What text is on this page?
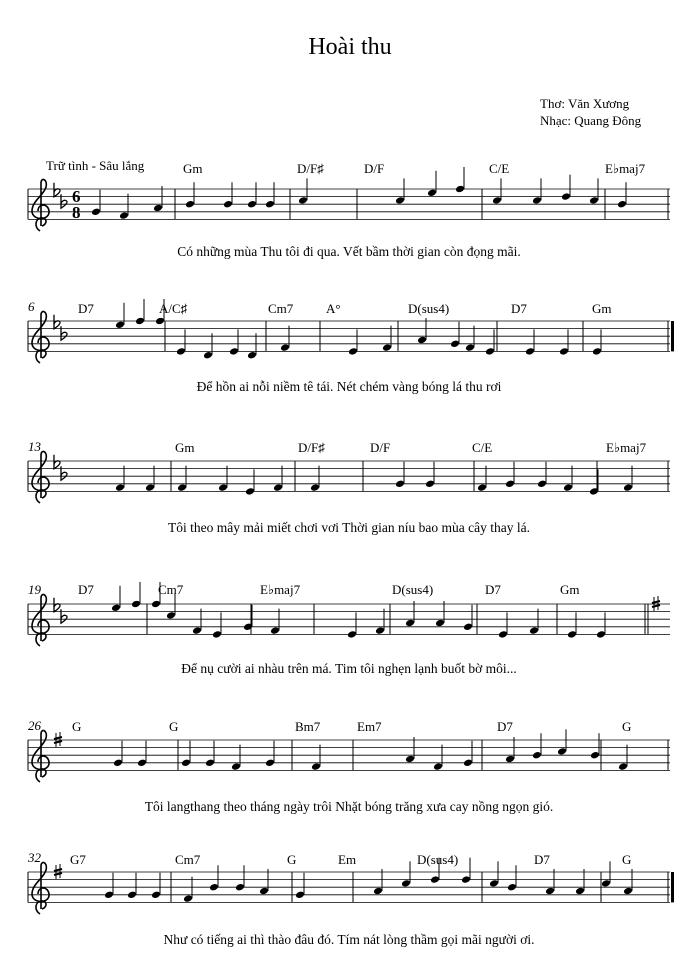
Hoài thu
Thơ: Văn Xương
Nhạc: Quang Đông
Trữ tình - Sâu lắng
6
8
Gm	D/F♯	D/F	C/E	E♭maj7
Có những mùa Thu tôi đi qua. Vết bầm thời gian còn đọng mãi.
6	D7	A/C♯	Cm7	A°	D(sus4)	D7	Gm
Để hồn ai nỗi niềm tê tái. Nét chém vàng bóng lá thu rơi
13	Gm	D/F♯	D/F	C/E	E♭maj7
Tôi theo mây mải miết chơi vơi Thời gian níu bao mùa cây thay lá.
19	D7	Cm7	E♭maj7	D(sus4)	D7	Gm
Để nụ cười ai nhàu trên má. Tim tôi nghẹn lạnh buốt bờ môi...
26 G	G	Bm7	Em7	D7	G
Tôi langthang theo tháng ngày trôi Nhặt bóng trăng xưa cay nồng ngọn gió.
32 G7	Cm7	G	Em	D(sus4)	D7	G
Như có tiếng ai thì thào đâu đó. Tím nát lòng thầm gọi mãi người ơi.
